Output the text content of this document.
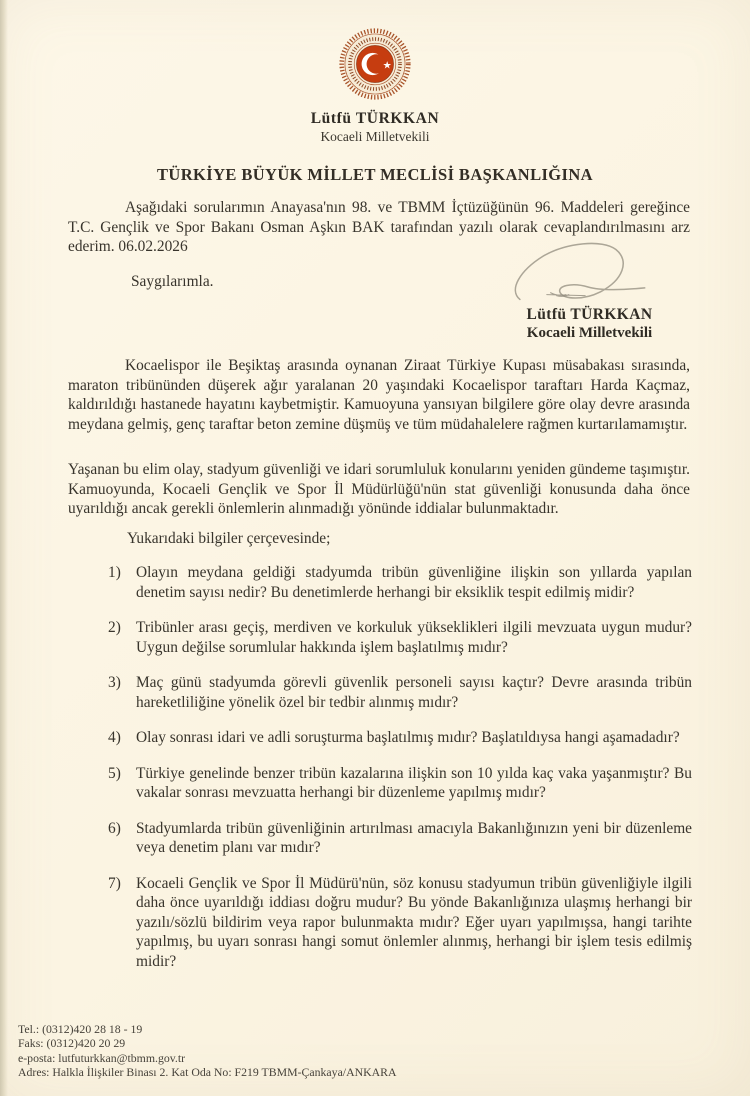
★
Lütfü TÜRKKAN
Kocaeli Milletvekili
TÜRKİYE BÜYÜK MİLLET MECLİSİ BAŞKANLIĞINA

Aşağıdaki sorularımın Anayasa'nın 98. ve TBMM İçtüzüğünün 96. Maddeleri gereğince T.C. Gençlik ve Spor Bakanı Osman Aşkın BAK tarafından yazılı olarak cevaplandırılmasını arz ederim. 06.02.2026

Saygılarımla.

Lütfü TÜRKKAN
Kocaeli Milletvekili

Kocaelispor ile Beşiktaş arasında oynanan Ziraat Türkiye Kupası müsabakası sırasında, maraton tribününden düşerek ağır yaralanan 20 yaşındaki Kocaelispor taraftarı Harda Kaçmaz, kaldırıldığı hastanede hayatını kaybetmiştir. Kamuoyuna yansıyan bilgilere göre olay devre arasında meydana gelmiş, genç taraftar beton zemine düşmüş ve tüm müdahalelere rağmen kurtarılamamıştır.

Yaşanan bu elim olay, stadyum güvenliği ve idari sorumluluk konularını yeniden gündeme taşımıştır. Kamuoyunda, Kocaeli Gençlik ve Spor İl Müdürlüğü'nün stat güvenliği konusunda daha önce uyarıldığı ancak gerekli önlemlerin alınmadığı yönünde iddialar bulunmaktadır.

Yukarıdaki bilgiler çerçevesinde;

1) Olayın meydana geldiği stadyumda tribün güvenliğine ilişkin son yıllarda yapılan denetim sayısı nedir? Bu denetimlerde herhangi bir eksiklik tespit edilmiş midir?
2) Tribünler arası geçiş, merdiven ve korkuluk yükseklikleri ilgili mevzuata uygun mudur? Uygun değilse sorumlular hakkında işlem başlatılmış mıdır?
3) Maç günü stadyumda görevli güvenlik personeli sayısı kaçtır? Devre arasında tribün hareketliliğine yönelik özel bir tedbir alınmış mıdır?
4) Olay sonrası idari ve adli soruşturma başlatılmış mıdır? Başlatıldıysa hangi aşamadadır?
5) Türkiye genelinde benzer tribün kazalarına ilişkin son 10 yılda kaç vaka yaşanmıştır? Bu vakalar sonrası mevzuatta herhangi bir düzenleme yapılmış mıdır?
6) Stadyumlarda tribün güvenliğinin artırılması amacıyla Bakanlığınızın yeni bir düzenleme veya denetim planı var mıdır?
7) Kocaeli Gençlik ve Spor İl Müdürü'nün, söz konusu stadyumun tribün güvenliğiyle ilgili daha önce uyarıldığı iddiası doğru mudur? Bu yönde Bakanlığınıza ulaşmış herhangi bir yazılı/sözlü bildirim veya rapor bulunmakta mıdır? Eğer uyarı yapılmışsa, hangi tarihte yapılmış, bu uyarı sonrası hangi somut önlemler alınmış, herhangi bir işlem tesis edilmiş midir?

Tel.: (0312)420 28 18 - 19

Faks: (0312)420 20 29

e-posta: lutfuturkkan@tbmm.gov.tr

Adres: Halkla İlişkiler Binası 2. Kat Oda No: F219 TBMM-Çankaya/ANKARA
